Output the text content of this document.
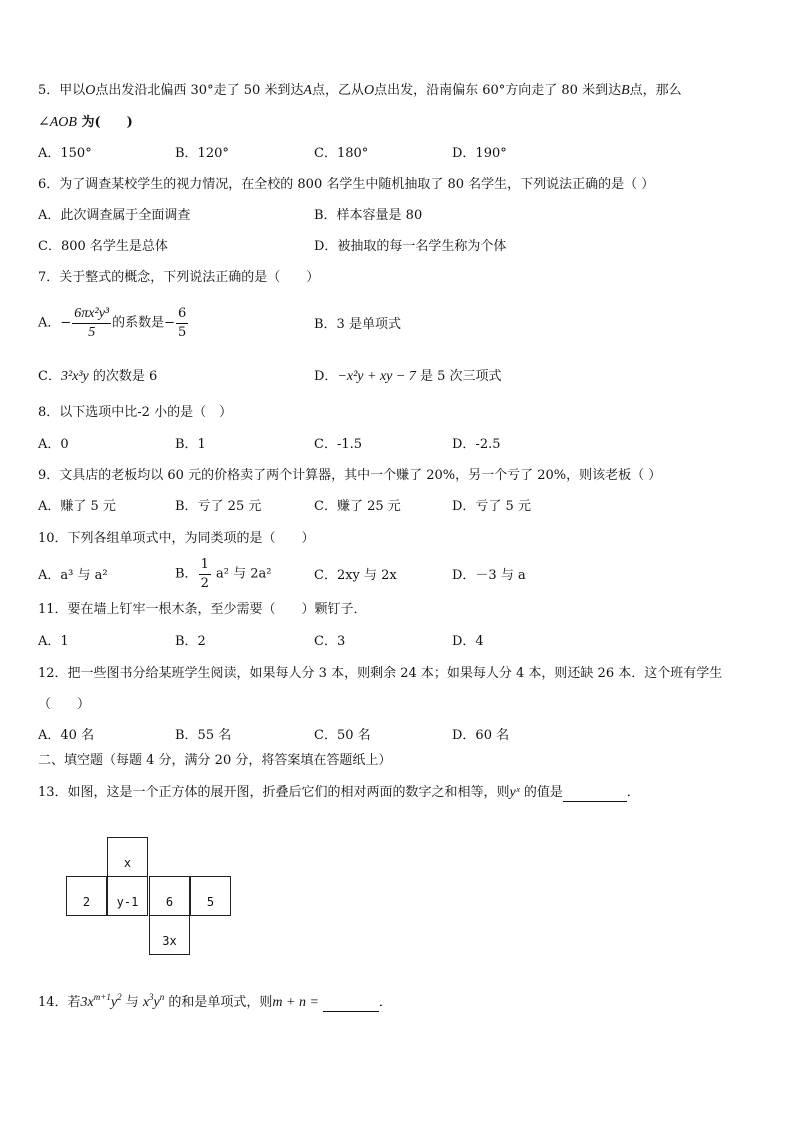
5．甲以O点出发沿北偏西 30°走了 50 米到达A点，乙从O点出发，沿南偏东 60°方向走了 80 米到达B点，那么
∠AOB 为(　　)
A．150°	B．120°	C．180°	D．190°
6．为了调查某校学生的视力情况，在全校的 800 名学生中随机抽取了 80 名学生，下列说法正确的是（ ）
A．此次调查属于全面调查	B．样本容量是 80
C．800 名学生是总体	D．被抽取的每一名学生称为个体
7．关于整式的概念，下列说法正确的是（　　）
A．− $\frac{\text{6πx²y³}}{5}$ 的系数是− $\frac{6}{5}$	B．3 是单项式
C．3²x³y 的次数是 6	D．−x²y + xy − 7 是 5 次三项式
8．以下选项中比-2 小的是（　）
A．0	B．1	C．-1.5	D．-2.5
9．文具店的老板均以 60 元的价格卖了两个计算器，其中一个赚了 20%，另一个亏了 20%，则该老板（ ）
A．赚了 5 元	B．亏了 25 元	C．赚了 25 元	D．亏了 5 元
10．下列各组单项式中，为同类项的是（　　）
A．a³ 与 a²	B． $\frac{1}{2} a^2$ 与 2a²	C．2xy 与 2x	D．－3 与 a
11．要在墙上钉牢一根木条，至少需要（　　）颗钉子．
A．1	B．2	C．3	D．4
12．把一些图书分给某班学生阅读，如果每人分 3 本，则剩余 24 本；如果每人分 4 本，则还缺 26 本．这个班有学生
（　　）
A．40 名	B．55 名	C．50 名	D．60 名
二、填空题（每题 4 分，满分 20 分，将答案填在答题纸上）
13．如图，这是一个正方体的展开图，折叠后它们的相对两面的数字之和相等，则yˣ 的值是	．
x
2	y-1	6	5
3x
14．若$3x^{m+1}y^2$ 与 $x^3y^n$ 的和是单项式，则m + n =	．
